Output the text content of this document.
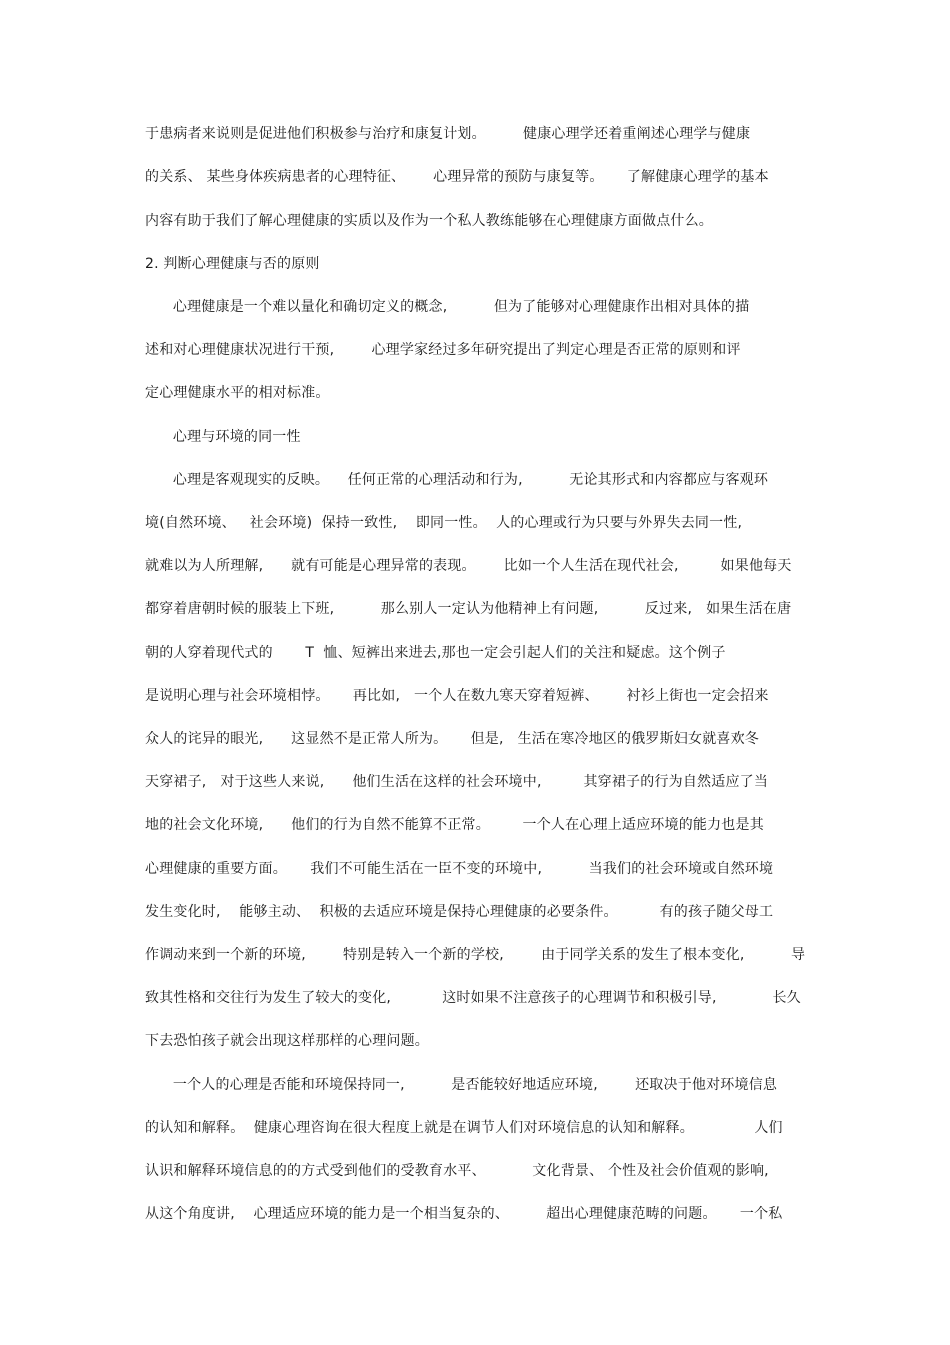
于患病者来说则是促进他们积极参与治疗和康复计划。        健康心理学还着重阐述心理学与健康
的关系、 某些身体疾病患者的心理特征、      心理异常的预防与康复等。     了解健康心理学的基本
内容有助于我们了解心理健康的实质以及作为一个私人教练能够在心理健康方面做点什么。
2. 判断心理健康与否的原则
心理健康是一个难以量化和确切定义的概念,          但为了能够对心理健康作出相对具体的描
述和对心理健康状况进行干预,        心理学家经过多年研究提出了判定心理是否正常的原则和评
定心理健康水平的相对标准。
心理与环境的同一性
心理是客观现实的反映。    任何正常的心理活动和行为,          无论其形式和内容都应与客观环
境(自然环境、   社会环境)  保持一致性,    即同一性。  人的心理或行为只要与外界失去同一性,
就难以为人所理解,      就有可能是心理异常的表现。      比如一个人生活在现代社会,         如果他每天
都穿着唐朝时候的服装上下班,          那么别人一定认为他精神上有问题,          反过来,   如果生活在唐
朝的人穿着现代式的       T  恤、短裤出来进去,那也一定会引起人们的关注和疑虑。这个例子
是说明心理与社会环境相悖。     再比如,   一个人在数九寒天穿着短裤、      衬衫上街也一定会招来
众人的诧异的眼光,      这显然不是正常人所为。     但是,   生活在寒冷地区的俄罗斯妇女就喜欢冬
天穿裙子,   对于这些人来说,      他们生活在这样的社会环境中,         其穿裙子的行为自然适应了当
地的社会文化环境,      他们的行为自然不能算不正常。       一个人在心理上适应环境的能力也是其
心理健康的重要方面。     我们不可能生活在一臣不变的环境中,          当我们的社会环境或自然环境
发生变化时,    能够主动、  积极的去适应环境是保持心理健康的必要条件。         有的孩子随父母工
作调动来到一个新的环境,        特别是转入一个新的学校,        由于同学关系的发生了根本变化,          导
致其性格和交往行为发生了较大的变化,           这时如果不注意孩子的心理调节和积极引导,            长久
下去恐怕孩子就会出现这样那样的心理问题。
一个人的心理是否能和环境保持同一,          是否能较好地适应环境,        还取决于他对环境信息
的认知和解释。  健康心理咨询在很大程度上就是在调节人们对环境信息的认知和解释。             人们
认识和解释环境信息的的方式受到他们的受教育水平、          文化背景、 个性及社会价值观的影响,
从这个角度讲,    心理适应环境的能力是一个相当复杂的、        超出心理健康范畴的问题。     一个私
